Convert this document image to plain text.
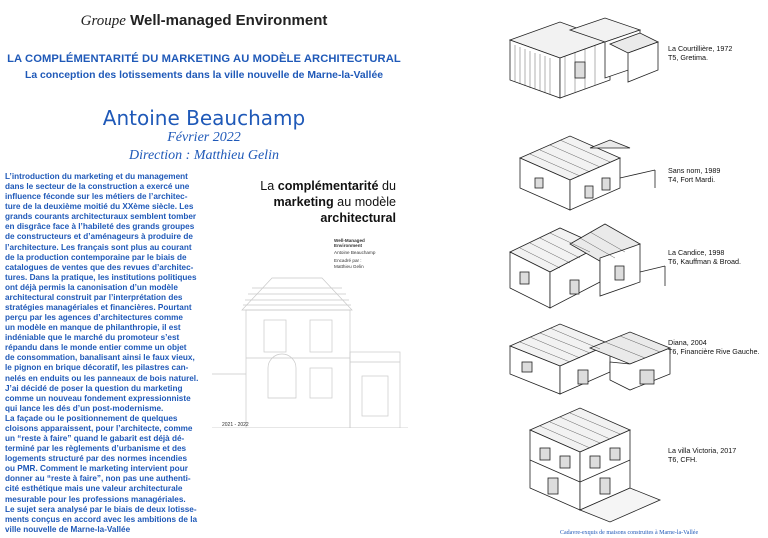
Groupe Well-managed Environment
LA COMPLÉMENTARITÉ DU MARKETING AU MODÈLE ARCHITECTURAL
La conception des lotissements dans la ville nouvelle de Marne-la-Vallée
Antoine Beauchamp
Février 2022
Direction : Matthieu Gelin
L’introduction du marketing et du management
dans le secteur de la construction a exercé une
influence féconde sur les métiers de l’architec-
ture de la deuxième moitié du XXème siècle. Les
grands courants architecturaux semblent tomber
en disgrâce face à l’habileté des grands groupes
de constructeurs et d’aménageurs à produire de
l’architecture. Les français sont plus au courant
de la production contemporaine par le biais de
catalogues de ventes que des revues d’architec-
tures. Dans la pratique, les institutions politiques
ont déjà permis la canonisation d’un modèle
architectural construit par l’interprétation des
stratégies managériales et financières. Pourtant
perçu par les agences d’architectures comme
un modèle en manque de philanthropie, il est
indéniable que le marché du promoteur s’est
répandu dans le monde entier comme un objet
de consommation, banalisant ainsi le faux vieux,
le pignon en brique décoratif, les pilastres can-
nelés en enduits ou les panneaux de bois naturel.
J’ai décidé de poser la question du marketing
comme un nouveau fondement expressionniste
qui lance les dés d’un post-modernisme.
La façade ou le positionnement de quelques
cloisons apparaissent, pour l’architecte, comme
un “reste à faire” quand le gabarit est déjà dé-
terminé par les règlements d’urbanisme et des
logements structuré par des normes incendies
ou PMR. Comment le marketing intervient pour
donner au “reste à faire”, non pas une authenti-
cité esthétique mais une valeur architecturale
mesurable pour les professions managériales.
Le sujet sera analysé par le biais de deux lotisse-
ments conçus en accord avec les ambitions de la
ville nouvelle de Marne-la-Vallée
La complémentarité du
marketing au modèle
architectural
Well-Managed Environment
Antoine Beauchamp
Encadré par :
Matthieu Gelin
2021 - 2022
La Courtillière, 1972
T5, Gretima.
Sans nom, 1989
T4, Fort Mardi.
La Candice, 1998
T6, Kauffman & Broad.
Diana, 2004
T6, Financière Rive Gauche.
La villa Victoria, 2017
T6, CFH.
Cadavre-exquis de maisons construites à Marne-la-Vallée
